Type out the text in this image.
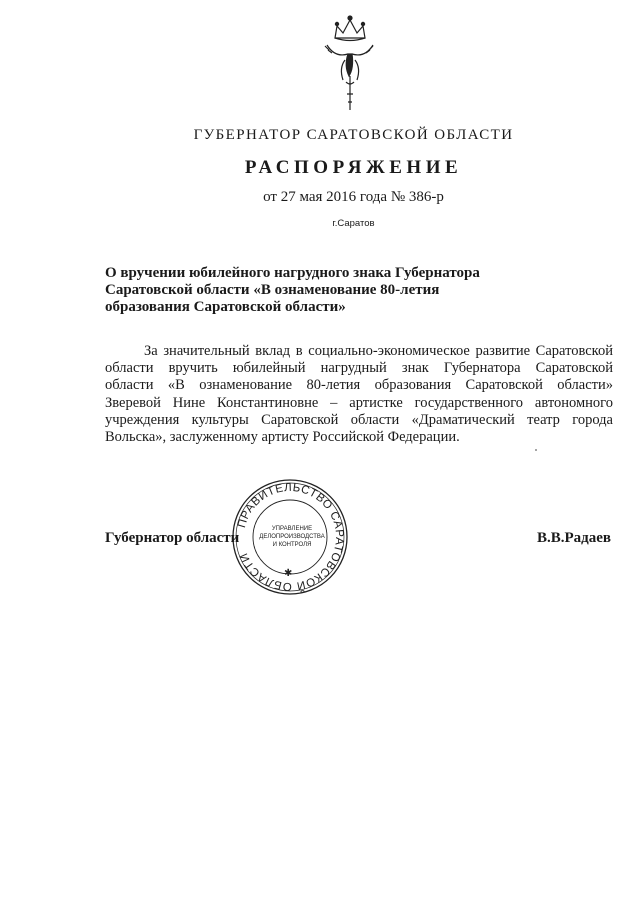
ГУБЕРНАТОР САРАТОВСКОЙ ОБЛАСТИ
РАСПОРЯЖЕНИЕ
от 27 мая 2016 года № 386-р
г.Саратов
О вручении юбилейного нагрудного знака Губернатора
Саратовской области «В ознаменование 80-летия
образования Саратовской области»
За значительный вклад в социально-экономическое развитие Саратовской
области вручить юбилейный нагрудный знак Губернатора Саратовской
области «В ознаменование 80-летия образования Саратовской области»
Зверевой Нине Константиновне – артистке государственного автономного
учреждения культуры Саратовской области «Драматический театр города
Вольска», заслуженному артисту Российской Федерации.
ПРАВИТЕЛЬСТВО САРАТОВСКОЙ ОБЛАСТИ
УПРАВЛЕНИЕ
ДЕЛОПРОИЗВОДСТВА
И КОНТРОЛЯ
✱
Губернатор области	В.В.Радаев
